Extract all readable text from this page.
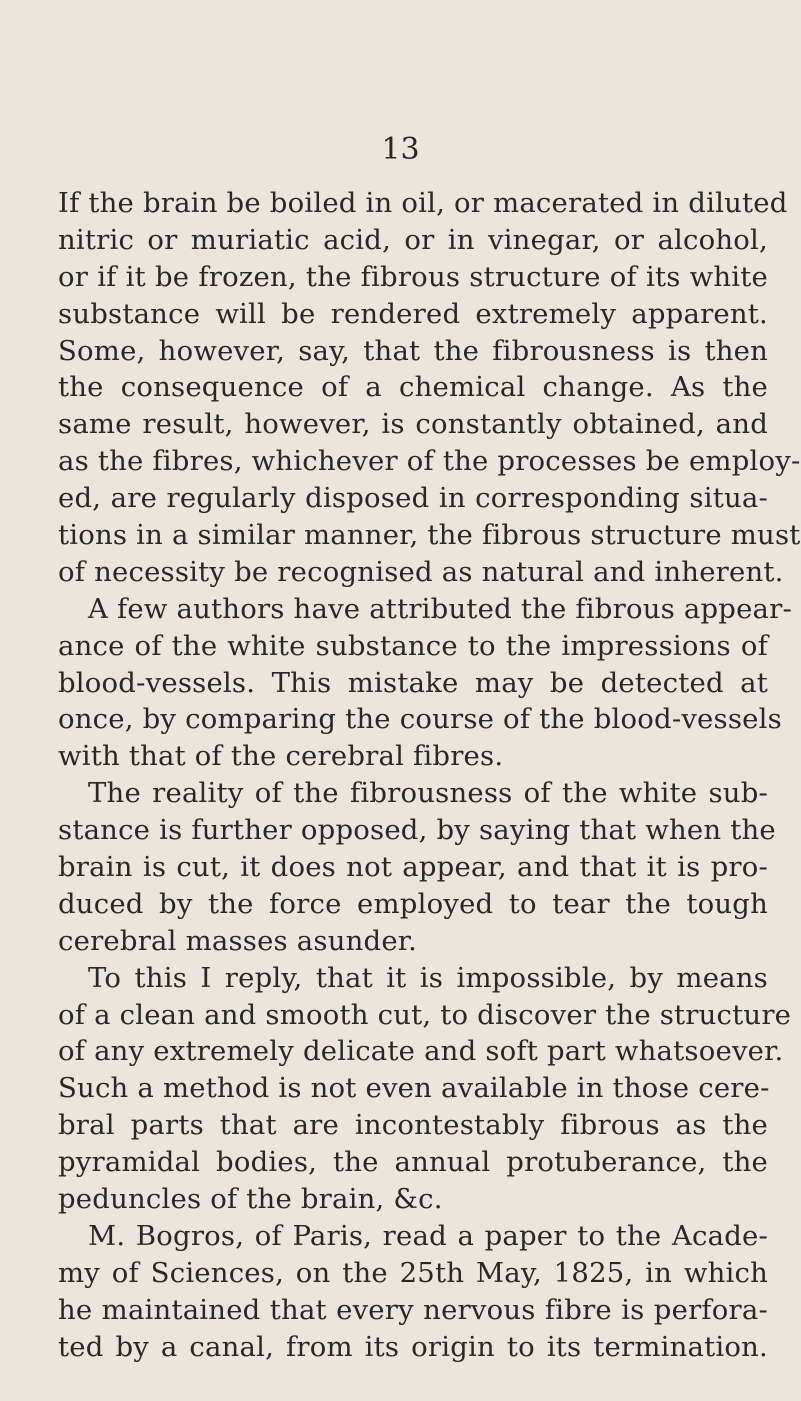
13
If the brain be boiled in oil, or macerated in diluted
nitric or muriatic acid, or in vinegar, or alcohol,
or if it be frozen, the fibrous structure of its white
substance will be rendered extremely apparent.
Some, however, say, that the fibrousness is then
the consequence of a chemical change. As the
same result, however, is constantly obtained, and
as the fibres, whichever of the processes be employ-
ed, are regularly disposed in corresponding situa-
tions in a similar manner, the fibrous structure must
of necessity be recognised as natural and inherent.
A few authors have attributed the fibrous appear-
ance of the white substance to the impressions of
blood-vessels. This mistake may be detected at
once, by comparing the course of the blood-vessels
with that of the cerebral fibres.
The reality of the fibrousness of the white sub-
stance is further opposed, by saying that when the
brain is cut, it does not appear, and that it is pro-
duced by the force employed to tear the tough
cerebral masses asunder.
To this I reply, that it is impossible, by means
of a clean and smooth cut, to discover the structure
of any extremely delicate and soft part whatsoever.
Such a method is not even available in those cere-
bral parts that are incontestably fibrous as the
pyramidal bodies, the annual protuberance, the
peduncles of the brain, &c.
M. Bogros, of Paris, read a paper to the Acade-
my of Sciences, on the 25th May, 1825, in which
he maintained that every nervous fibre is perfora-
ted by a canal, from its origin to its termination.
